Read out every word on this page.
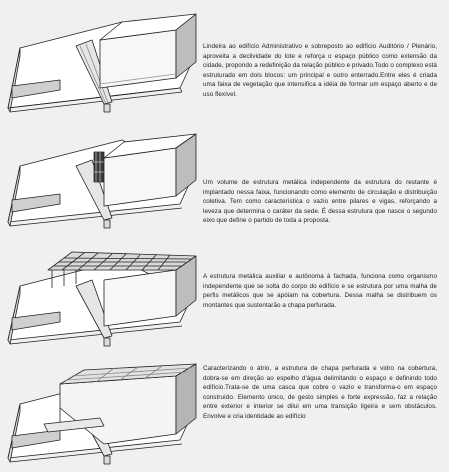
Lindeira ao edifício Administrativo e sobreposto ao edifício Auditório / Plenário, aproveita a declividade do lote e reforça o espaço público como extensão da cidade, propondo a redefinição da relação público e privado.Todo o complexo está estruturado em dois blocos: um principal e outro enterrado.Entre eles é criada uma faixa de vegetação que intensifica a idéia de formar um espaço aberto e de uso flexível.

Um volume de estrutura metálica independente da estrutura do restante é implantado nessa faixa, funcionando como elemento de circulação e distribuição coletiva. Tem como característica o vazio entre pilares e vigas, reforçando a leveza que determina o caráter da sede. É dessa estrutura que nasce o segundo eixo que define o partido de toda a proposta.

A estrutura metálica auxiliar e autônoma à fachada, funciona como organismo independente que se solta do corpo do edifício e se estrutura por uma malha de perfis metálicos que se apóiam na cobertura. Dessa malha se distribuem os montantes que sustentarão a chapa perfurada.

Caracterizando o átrio, a estrutura de chapa perfurada e vidro na cobertura, dobra-se em direção ao espelho d'água delimitando o espaço e definindo todo edifício.Trata-se de uma casca que cobre o vazio e transforma-o em espaço construído. Elemento único, de gesto simples e forte expressão, faz a relação entre exterior e interior se dilui em uma transição ligeira e sem obstáculos. Envolve e cria identidade ao edifício
